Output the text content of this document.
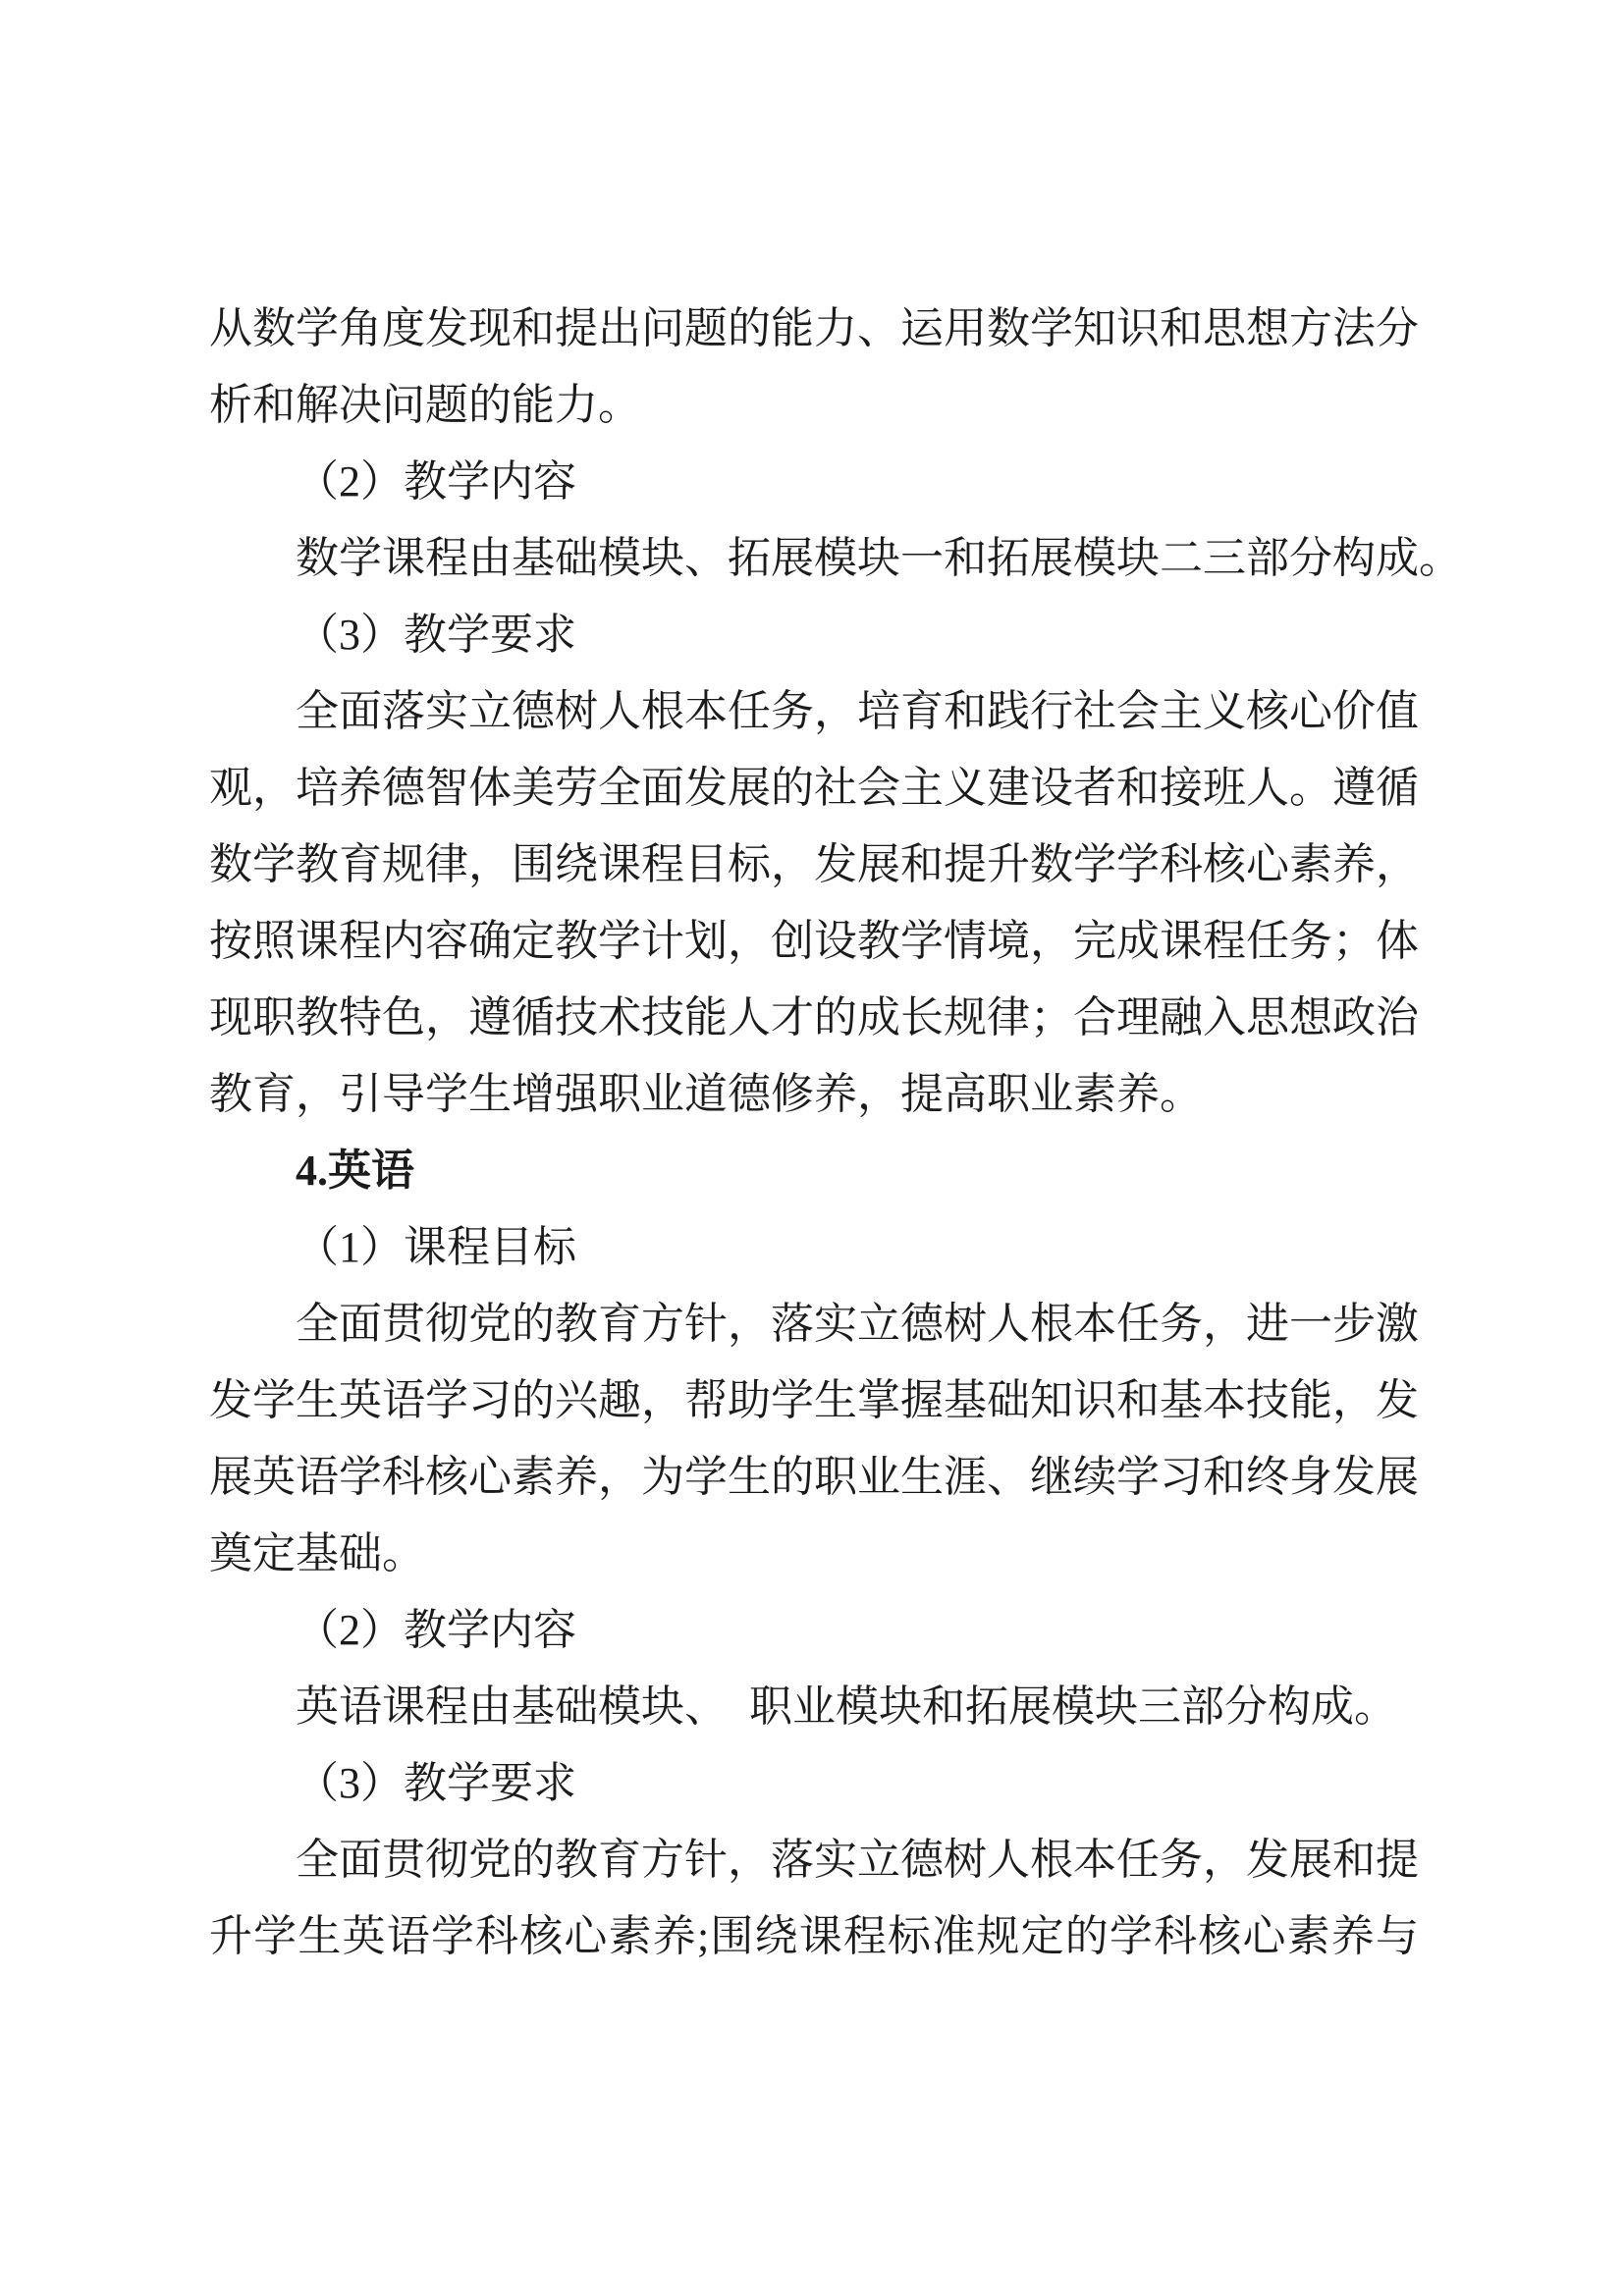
从数学角度发现和提出问题的能力、运用数学知识和思想方法分
析和解决问题的能力。
（2）教学内容
数学课程由基础模块、拓展模块一和拓展模块二三部分构成。
（3）教学要求
全面落实立德树人根本任务，培育和践行社会主义核心价值
观，培养德智体美劳全面发展的社会主义建设者和接班人。遵循
数学教育规律，围绕课程目标，发展和提升数学学科核心素养，
按照课程内容确定教学计划，创设教学情境，完成课程任务；体
现职教特色，遵循技术技能人才的成长规律；合理融入思想政治
教育，引导学生增强职业道德修养，提高职业素养。
4.英语
（1）课程目标
全面贯彻党的教育方针，落实立德树人根本任务，进一步激
发学生英语学习的兴趣，帮助学生掌握基础知识和基本技能，发
展英语学科核心素养，为学生的职业生涯、继续学习和终身发展
奠定基础。
（2）教学内容
英语课程由基础模块、 职业模块和拓展模块三部分构成。
（3）教学要求
全面贯彻党的教育方针，落实立德树人根本任务，发展和提
升学生英语学科核心素养;围绕课程标准规定的学科核心素养与
